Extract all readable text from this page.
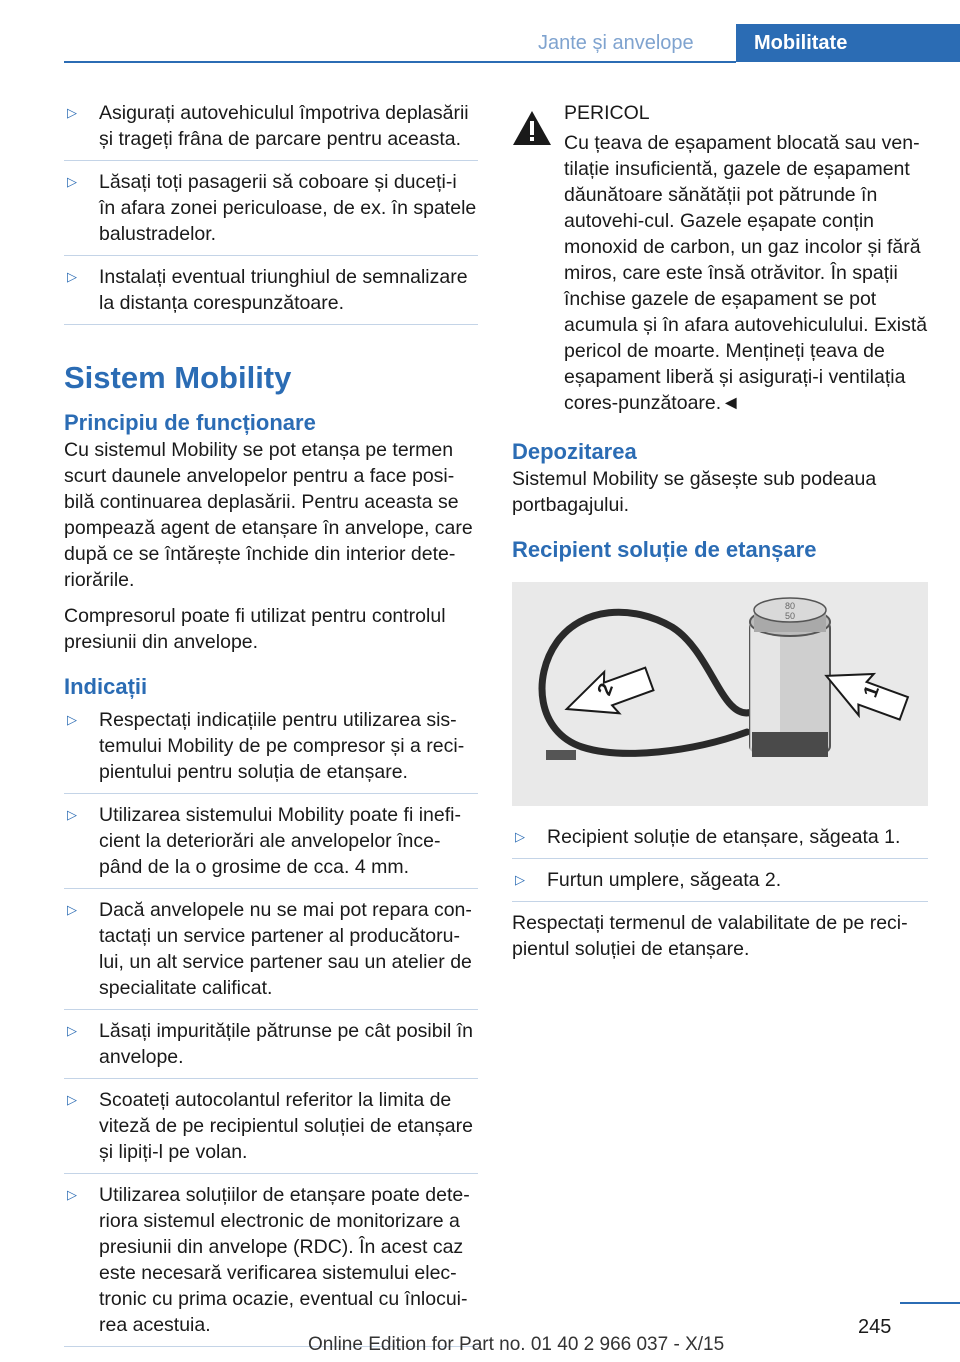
Jante și anvelope	Mobilitate
▷ Asigurați autovehiculul împotriva deplasării și trageți frâna de parcare pentru aceasta.
▷ Lăsați toți pasagerii să coboare și duceți-i în afara zonei periculoase, de ex. în spatele balustradelor.
▷ Instalați eventual triunghiul de semnalizare la distanța corespunzătoare.
Sistem Mobility
Principiu de funcționare

Cu sistemul Mobility se pot etanșa pe termen scurt daunele anvelopelor pentru a face posi-bilă continuarea deplasării. Pentru aceasta se pompează agent de etanșare în anvelope, care după ce se întărește închide din interior dete-riorările.

Compresorul poate fi utilizat pentru controlul presiunii din anvelope.

Indicații
▷ Respectați indicațiile pentru utilizarea sis-temului Mobility de pe compresor și a reci-pientului pentru soluția de etanșare.
▷ Utilizarea sistemului Mobility poate fi inefi-cient la deteriorări ale anvelopelor înce-pând de la o grosime de cca. 4 mm.
▷ Dacă anvelopele nu se mai pot repara con-tactați un service partener al producătoru-lui, un alt service partener sau un atelier de specialitate calificat.
▷ Lăsați impuritățile pătrunse pe cât posibil în anvelope.
▷ Scoateți autocolantul referitor la limita de viteză de pe recipientul soluției de etanșare și lipiți-l pe volan.
▷ Utilizarea soluțiilor de etanșare poate dete-riora sistemul electronic de monitorizare a presiunii din anvelope (RDC). În acest caz este necesară verificarea sistemului elec-tronic cu prima ocazie, eventual cu înlocui-rea acestuia.
PERICOL
Cu țeava de eșapament blocată sau ven-tilație insuficientă, gazele de eșapament dăunătoare sănătății pot pătrunde în autovehi-cul. Gazele eșapate conțin monoxid de carbon, un gaz incolor și fără miros, care este însă otrăvitor. În spații închise gazele de eșapament se pot acumula și în afara autovehiculului. Există pericol de moarte. Mențineți țeava de eșapament liberă și asigurați-i ventilația cores-punzătoare.◄
Depozitarea

Sistemul Mobility se găsește sub podeaua portbagajului.

Recipient soluție de etanșare
80
50
2	1
▷ Recipient soluție de etanșare, săgeata 1.
▷ Furtun umplere, săgeata 2.

Respectați termenul de valabilitate de pe reci-pientul soluției de etanșare.

245
Online Edition for Part no. 01 40 2 966 037 - X/15
